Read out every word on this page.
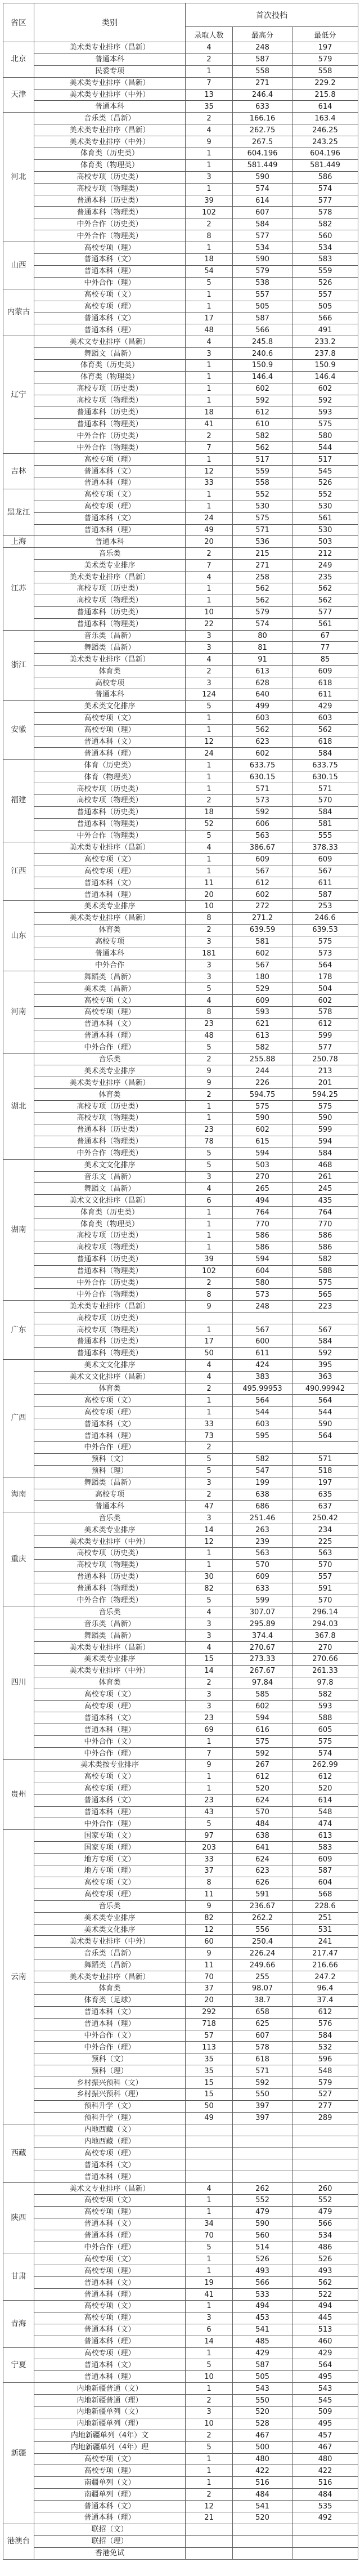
省区	类别	首次投档		
		录取人数	最高分	最低分
北京	美术类专业排序（昌新）	4	248	197
	普通本科	2	587	579
	民委专项	1	558	558
天津	美术类专业排序（昌新）	7	271	229.2
	美术类专业排序（中外）	13	246.4	215.8
	普通本科	35	633	614
河北	音乐类（昌新）	2	166.16	163.4
	美术类专业排序（昌新）	4	262.75	246.25
	美术类专业排序（中外）	9	267.5	243.25
	体育类（历史类）	1	604.196	604.196
	体育类（物理类）	1	581.449	581.449
	高校专项（历史类）	3	590	586
	高校专项（物理类）	1	574	574
	普通本科（历史类）	39	614	577
	普通本科（物理类）	102	607	578
	中外合作（历史类）	2	584	582
	中外合作（物理类）	8	577	560
山西	高校专项（理）	1	534	534
	普通本科（文）	18	590	583
	普通本科（理）	54	579	559
	中外合作（理）	5	538	526
内蒙古	高校专项（文）	1	557	557
	高校专项（理）	1	505	505
	普通本科（文）	17	587	566
	普通本科（理）	48	566	491
辽宁	美术文专业排序（昌新）	4	245.8	233.2
	舞蹈文（昌新）	3	240.6	237.8
	体育类（历史类）	1	150.9	150.9
	体育类（物理类）	1	146.4	146.4
	高校专项（历史类）	1	602	602
	高校专项（物理类）	1	592	592
	普通本科（历史类）	18	612	593
	普通本科（物理类）	41	610	575
	中外合作（历史类）	2	582	580
	中外合作（物理类）	7	562	544
吉林	高校专项（理）	1	517	517
	普通本科（文）	12	559	545
	普通本科（理）	33	558	526
黑龙江	高校专项（文）	1	552	552
	高校专项（理）	1	530	530
	普通本科（文）	24	575	561
	普通本科（理）	49	571	530
上海	普通本科	20	536	503
江苏	音乐类	2	215	212
	美术类专业排序	7	271	249
	美术类专业排序（昌新）	4	258	235
	高校专项（历史类）	1	562	562
	高校专项（物理类）	1	562	562
	普通本科（历史类）	10	579	577
	普通本科（物理类）	22	574	561
浙江	音乐类（昌新）	3	80	67
	舞蹈类（昌新）	3	81	77
	美术类专业排序（昌新）	4	91	85
	体育类	2	613	609
	高校专项	3	628	618
	普通本科	124	640	611
安徽	美术类文化排序	5	499	429
	高校专项（文）	1	603	603
	高校专项（理）	1	562	562
	普通本科（文）	12	623	618
	普通本科（理）	24	602	584
福建	体育（历史类）	1	633.75	633.75
	体育（物理类）	1	630.15	630.15
	高校专项（历史类）	1	571	571
	高校专项（物理类）	2	573	570
	普通本科（历史类）	18	592	584
	普通本科（物理类）	52	606	581
	中外合作（物理类）	5	563	555
江西	美术类专业排序（昌新）	4	386.67	378.33
	高校专项（文）	1	609	609
	高校专项（理）	1	567	567
	普通本科（文）	11	612	611
	普通本科（理）	20	602	587
山东	美术类专业排序	10	272	253
	美术类专业排序（昌新）	8	271.2	246.6
	体育类	2	639.59	639.53
	高校专项	3	581	575
	普通本科	181	602	573
	中外合作	3	567	564
河南	舞蹈类（昌新）	3	180	178
	美术类（昌新）	5	529	504
	高校专项（文）	4	609	602
	高校专项（理）	8	593	578
	普通本科（文）	23	621	612
	普通本科（理）	48	613	599
	中外合作（理）	5	582	577
湖北	音乐类	2	255.88	250.78
	美术类专业排序	9	244	213
	美术类专业排序（昌新）	9	226	201
	体育类	2	594.75	594.25
	高校专项（历史类）	1	575	575
	高校专项（物理类）	1	590	590
	普通本科（历史类）	23	602	599
	普通本科（物理类）	78	615	594
	中外合作（物理类）	5	594	584
湖南	美术文文化排序	5	503	468
	音乐文（昌新）	3	270	261
	舞蹈文（昌新）	4	265	245
	美术文文化排序（昌新）	6	494	435
	体育类（历史类）	1	764	764
	体育类（物理类）	1	770	770
	高校专项（历史类）	1	586	586
	高校专项（物理类）	1	586	586
	普通本科（历史类）	39	594	582
	普通本科（物理类）	102	604	588
	中外合作（历史类）	2	580	575
	中外合作（物理类）	8	573	565
广东	美术类专业排序（昌新）	9	248	223
	高校专项（历史类）			
	高校专项（物理类）	1	567	567
	普通本科（历史类）	17	600	584
	普通本科（物理类）	50	611	592
广西	美术文文化排序	4	424	395
	美术文文化排序（昌新）	4	383	363
	体育类	2	495.99953	490.99942
	高校专项（文）	1	564	564
	高校专项（理）	1	544	544
	普通本科（文）	33	603	590
	普通本科（理）	73	595	564
	中外合作（理）	2		
	预科（文）	5	582	571
	预科（理）	5	547	518
海南	舞蹈类（昌新）	3	199	197
	高校专项	2	638	635
	普通本科	47	686	637
重庆	音乐类	3	251.46	250.42
	美术类专业排序	14	263	234
	美术类专业排序（中外）	12	239	225
	高校专项（历史类）	1	563	563
	高校专项（物理类）	1	570	570
	普通本科（历史类）	30	609	557
	普通本科（物理类）	82	633	591
	中外合作（物理类）	5	599	570
四川	音乐类	4	307.07	296.14
	音乐类（昌新）	3	295.89	294.03
	舞蹈类（昌新）	3	374.4	367.8
	美术类专业排序（昌新）	4	270.67	270
	美术类专业排序	15	273.33	270.66
	美术类专业排序（中外）	14	267.67	261.33
	体育类	2	97.84	97.8
	高校专项（文）	3	585	582
	高校专项（理）	3	602	593
	普通本科（文）	23	594	588
	普通本科（理）	69	616	605
	中外合作（文）	1	575	575
	中外合作（理）	7	592	574
贵州	美术类按专业排序	9	267	262.99
	高校专项（文）	1	612	612
	高校专项（理）	1	520	520
	普通本科（文）	23	624	614
	普通本科（理）	43	570	548
	中外合作（理）	5	484	474
云南	国家专项（文）	97	638	613
	国家专项（理）	203	641	583
	地方专项（文）	33	624	609
	地方专项（理）	37	623	587
	高校专项（文）	8	626	604
	高校专项（理）	11	591	568
	音乐类	9	236.67	228.6
	美术类专业排序	82	262.2	251
	美术类文化排序	12	556	531
	美术类专业排序（中外）	60	250.4	241
	音乐类（昌新）	9	226.24	217.47
	舞蹈类（昌新）	11	249.66	216.66
	美术类专业排序（昌新）	70	255	247.2
	体育类	37	98.07	96.4
	体育类（足球）	20	38.7	37.4
	普通本科（文）	292	658	612
	普通本科（理）	718	625	576
	中外合作（文）	57	607	584
	中外合作（理）	113	578	532
	预科（文）	35	618	596
	预科（理）	35	571	548
	乡村振兴预科（文）	15	592	579
	乡村振兴预科（理）	15	550	527
	预科升学（文）	50	397	277
	预科升学（理）	49	397	289
西藏	内地西藏（文）			
	内地西藏（理）			
	高校专项（理）			
	普通本科（文）			
	普通本科（理）			
陕西	美术文专业排序（昌新）	4	262	260
	高校专项（文）	1	552	552
	高校专项（理）	1	479	479
	普通本科（文）	34	590	566
	普通本科（理）	70	560	534
	中外合作（理）	5	514	486
甘肃	高校专项（文）	1	526	526
	高校专项（理）	1	493	493
	普通本科（文）	19	566	562
	普通本科（理）	41	533	522
青海	高校专项（文）	1	494	494
	高校专项（理）	3	453	445
	普通本科（文）	6	541	513
	普通本科（理）	14	485	460
宁夏	高校专项（理）	1	429	429
	普通本科（文）	5	587	564
	普通本科（理）	10	505	495
新疆	内地新疆普通（文）	1	543	543
	内地新疆普通（理）	2	550	545
	内地新疆单列（文）	3	520	509
	内地新疆单列（理）	10	528	495
	内地新疆单列（4年）文	2	467	457
	内地新疆单列（4年）理	5	500	467
	高校专项（文）	1	480	480
	高校专项（理）	1	422	422
	南疆单列（文）	1	516	516
	南疆单列（理）	2	484	484
	普通本科（文）	12	541	535
	普通本科（理）	21	520	492
港澳台	联招（文）			
	联招（理）			
	香港免试			
